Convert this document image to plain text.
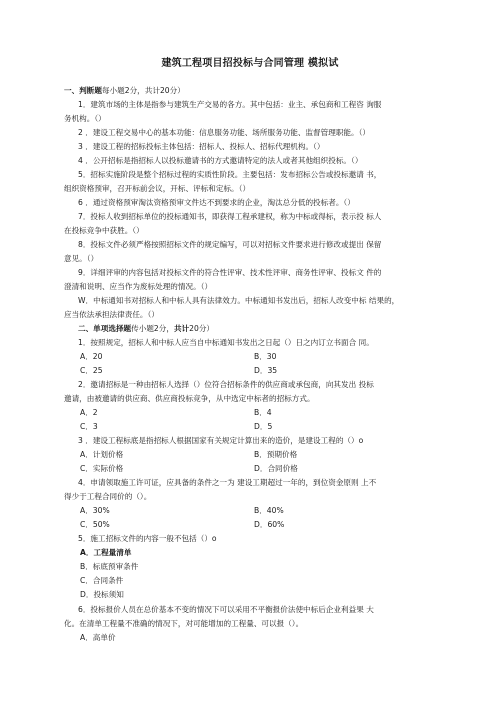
建筑工程项目招投标与合同管理 模拟试
一、判断题每小题2分，共计20分）
1．建筑市场的主体是指参与建筑生产交易的各方。其中包括：业主、承包商和工程咨 询服
务机构。（）
2 ．建设工程交易中心的基本功能：信息服务功能、场所服务功能、监督管理职能。（）
3 ．建设工程的招标投标主体包括：招标人、投标人、招标代理机构。（）
4 ．公开招标是指招标人以投标邀请书的方式邀请特定的法人或者其他组织投标。（）
5．招标实施阶段是整个招标过程的实质性阶段。主要包括：发布招标公告或投标邀请 书，
组织资格预审，召开标前会议，开标、评标和定标。（）
6 ．通过资格预审淘汰资格预审文件达不到要求的企业，淘汰总分低的投标者。（）
7．投标人收到招标单位的投标通知书，即获得工程承建权，称为中标或得标，表示投 标人
在投标竞争中获胜。（）
8．投标文件必须严格按照招标文件的规定编写，可以对招标文件要求进行修改或提出 保留
意见。（）
9．详细评审的内容包括对投标文件的符合性评审、技术性评审、商务性评审、投标文 件的
澄清和说明、应当作为废标处理的情况。（）
W．中标通知书对招标人和中标人具有法律效力。中标通知书发出后，招标人改变中标 结果的，
应当依法承担法律责任。（）
二、单项选择题传小题2分，共计20分）
1．按照规定，招标人和中标人应当自中标通知书发出之日起（）日之内订立书面合 同。
A．20	B．30
C．25	D．35
2．邀请招标是一种由招标人选择（）位符合招标条件的供应商或承包商，向其发出 投标
邀请，由被邀请的供应商、供应商投标竞争，从中选定中标者的招标方式。
A．2	B．4
C．3	D．5
3 ．建设工程标底是指招标人根据国家有关规定计算出来的造价，是建设工程的（）o
A．计划价格	B．预期价格
C．实际价格	D．合同价格
4．申请领取施工许可证，应具备的条件之一为 建设工期超过一年的，到位资金原则 上不
得少于工程合同价的（）。
A．30%	B．40%
C．50%	D．60%
5．施工招标文件的内容一般不包括（）o
A．工程量清单
B．标底预审条件
C．合同条件
D．投标须知
6．投标报价人员在总价基本不变的情况下可以采用不平衡报价法使中标后企业利益果 大
化。在清单工程量不准确的情况下，对可能增加的工程量、可以报（）。
A．高单价
